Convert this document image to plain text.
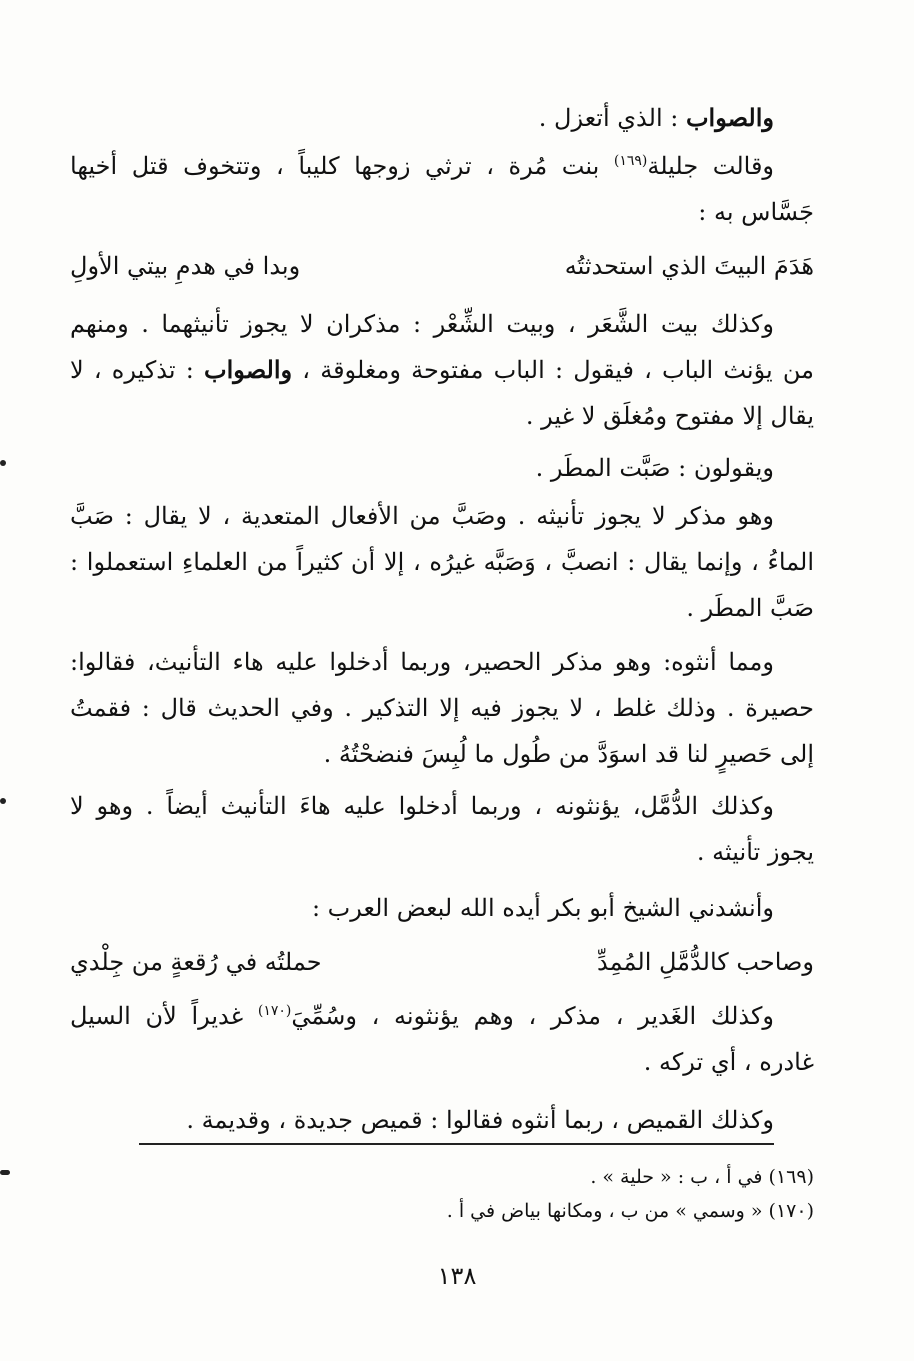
والصواب : الذي أتعزل .
وقالت جليلة$^{(١٦٩)}$ بنت مُرة ، ترثي زوجها كليباً ، وتتخوف قتل أخيها
جَسَّاس به :
هَدَمَ البيتَ الذي استحدثتُه
وبدا في هدمِ بيتي الأولِ
وكذلك بيت الشَّعَر ، وبيت الشِّعْر : مذكران لا يجوز تأنيثهما . ومنهم
من يؤنث الباب ، فيقول : الباب مفتوحة ومغلوقة ، والصواب : تذكيره ، لا
يقال إلا مفتوح ومُغلَق لا غير .
ويقولون : صَبَّت المطَر .
وهو مذكر لا يجوز تأنيثه . وصَبَّ من الأفعال المتعدية ، لا يقال : صَبَّ
الماءُ ، وإنما يقال : انصبَّ ، وَصَبَّه غيرُه ، إلا أن كثيراً من العلماءِ استعملوا :
صَبَّ المطَر .
ومما أنثوه: وهو مذكر الحصير، وربما أدخلوا عليه هاء التأنيث، فقالوا:
حصيرة . وذلك غلط ، لا يجوز فيه إلا التذكير . وفي الحديث قال : فقمتُ
إلى حَصيرٍ لنا قد اسوَدَّ من طُول ما لُبِسَ فنضحْتُهُ .
وكذلك الدُّمَّل، يؤنثونه ، وربما أدخلوا عليه هاءَ التأنيث أيضاً . وهو لا
يجوز تأنيثه .
وأنشدني الشيخ أبو بكر أيده الله لبعض العرب :
وصاحب كالدُّمَّلِ المُمِدِّ
حملتُه في رُقعةٍ من جِلْدي
وكذلك الغَدير ، مذكر ، وهم يؤنثونه ، وسُمِّيَ$^{(١٧٠)}$ غديراً لأن السيل
غادره ، أي تركه .
وكذلك القميص ، ربما أنثوه فقالوا : قميص جديدة ، وقديمة .
(١٦٩) في أ ، ب : « حلية » .
(١٧٠) « وسمي » من ب ، ومكانها بياض في أ .
١٣٨
